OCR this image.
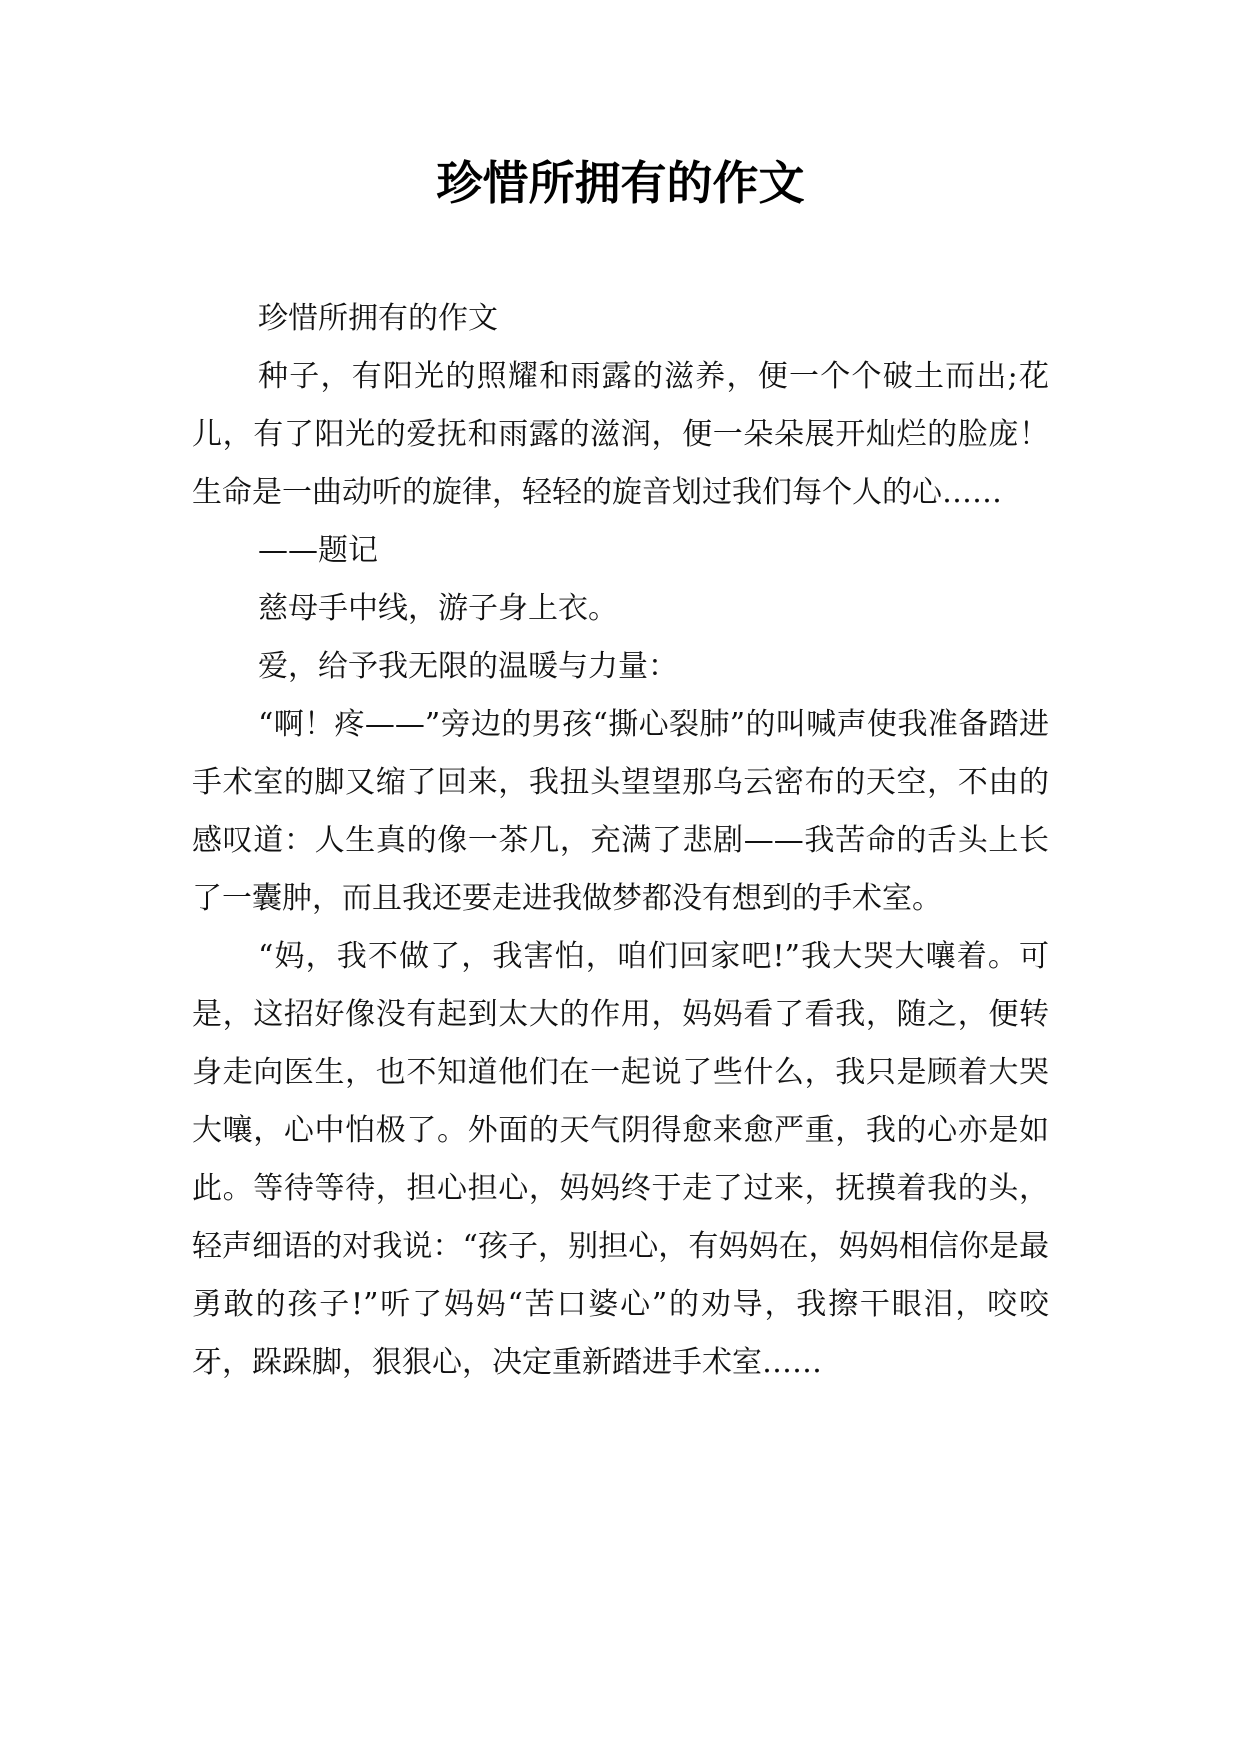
珍惜所拥有的作文

珍惜所拥有的作文

种子，有阳光的照耀和雨露的滋养，便一个个破土而出;花儿，有了阳光的爱抚和雨露的滋润，便一朵朵展开灿烂的脸庞！生命是一曲动听的旋律，轻轻的旋音划过我们每个人的心……

——题记

慈母手中线，游子身上衣。

爱，给予我无限的温暖与力量：

“啊！疼——”旁边的男孩“撕心裂肺”的叫喊声使我准备踏进手术室的脚又缩了回来，我扭头望望那乌云密布的天空，不由的感叹道：人生真的像一茶几，充满了悲剧——我苦命的舌头上长了一囊肿，而且我还要走进我做梦都没有想到的手术室。

“妈，我不做了，我害怕，咱们回家吧!”我大哭大嚷着。可是，这招好像没有起到太大的作用，妈妈看了看我，随之，便转身走向医生，也不知道他们在一起说了些什么，我只是顾着大哭大嚷，心中怕极了。外面的天气阴得愈来愈严重，我的心亦是如此。等待等待，担心担心，妈妈终于走了过来，抚摸着我的头，轻声细语的对我说：“孩子，别担心，有妈妈在，妈妈相信你是最勇敢的孩子!”听了妈妈“苦口婆心”的劝导，我擦干眼泪，咬咬牙，跺跺脚，狠狠心，决定重新踏进手术室……
